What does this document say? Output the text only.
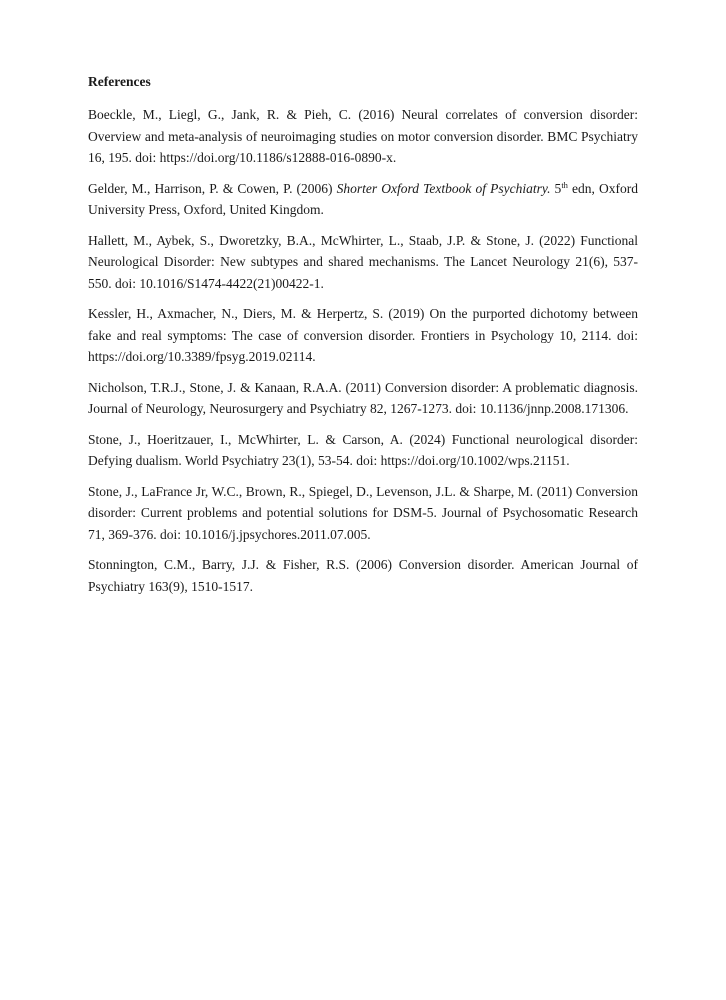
References

Boeckle, M., Liegl, G., Jank, R. & Pieh, C. (2016) Neural correlates of conversion disorder: Overview and meta-analysis of neuroimaging studies on motor conversion disorder. BMC Psychiatry 16, 195. doi: https://doi.org/10.1186/s12888-016-0890-x.

Gelder, M., Harrison, P. & Cowen, P. (2006) Shorter Oxford Textbook of Psychiatry. 5th edn, Oxford University Press, Oxford, United Kingdom.

Hallett, M., Aybek, S., Dworetzky, B.A., McWhirter, L., Staab, J.P. & Stone, J. (2022) Functional Neurological Disorder: New subtypes and shared mechanisms. The Lancet Neurology 21(6), 537-550. doi: 10.1016/S1474-4422(21)00422-1.

Kessler, H., Axmacher, N., Diers, M. & Herpertz, S. (2019) On the purported dichotomy between fake and real symptoms: The case of conversion disorder. Frontiers in Psychology 10, 2114. doi: https://doi.org/10.3389/fpsyg.2019.02114.

Nicholson, T.R.J., Stone, J. & Kanaan, R.A.A. (2011) Conversion disorder: A problematic diagnosis. Journal of Neurology, Neurosurgery and Psychiatry 82, 1267-1273. doi: 10.1136/jnnp.2008.171306.

Stone, J., Hoeritzauer, I., McWhirter, L. & Carson, A. (2024) Functional neurological disorder: Defying dualism. World Psychiatry 23(1), 53-54. doi: https://doi.org/10.1002/wps.21151.

Stone, J., LaFrance Jr, W.C., Brown, R., Spiegel, D., Levenson, J.L. & Sharpe, M. (2011) Conversion disorder: Current problems and potential solutions for DSM-5. Journal of Psychosomatic Research 71, 369-376. doi: 10.1016/j.jpsychores.2011.07.005.

Stonnington, C.M., Barry, J.J. & Fisher, R.S. (2006) Conversion disorder. American Journal of Psychiatry 163(9), 1510-1517.
